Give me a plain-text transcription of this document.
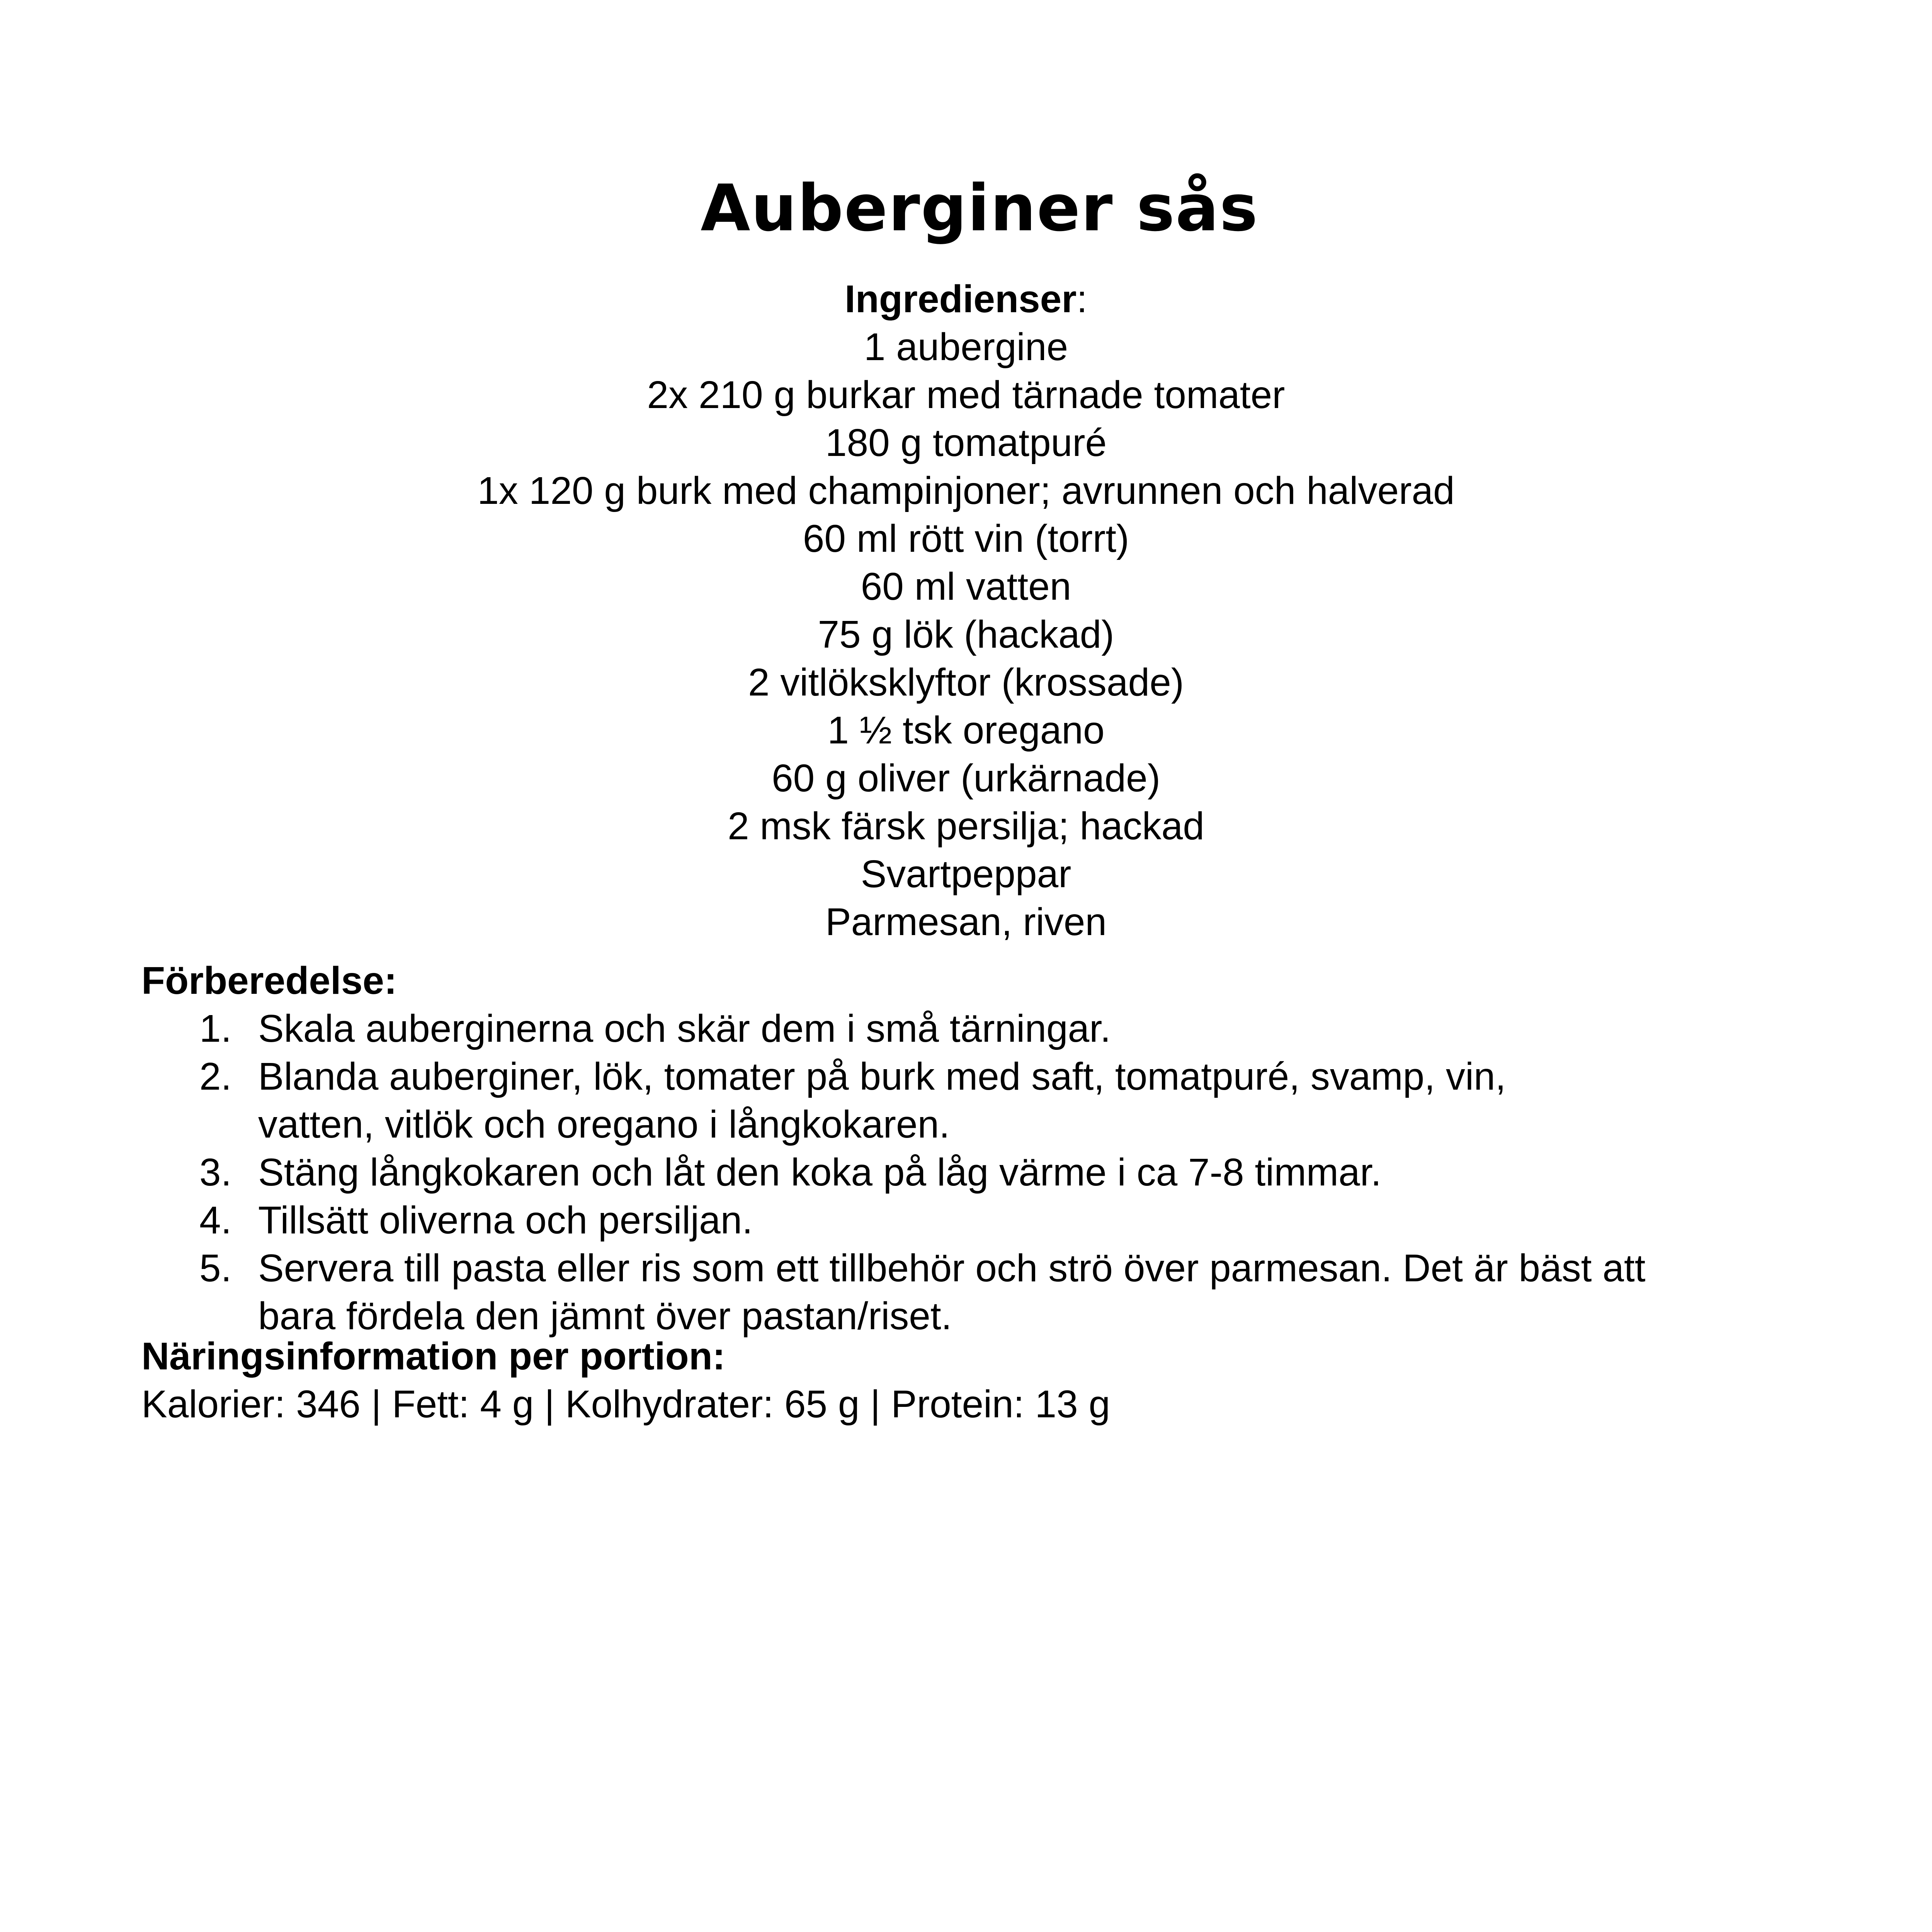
Auberginer sås
Ingredienser:
1 aubergine
2x 210 g burkar med tärnade tomater
180 g tomatpuré
1x 120 g burk med champinjoner; avrunnen och halverad
60 ml rött vin (torrt)
60 ml vatten
75 g lök (hackad)
2 vitlöksklyftor (krossade)
1 ½ tsk oregano
60 g oliver (urkärnade)
2 msk färsk persilja; hackad
Svartpeppar
Parmesan, riven
Förberedelse:
1. Skala auberginerna och skär dem i små tärningar.
2. Blanda auberginer, lök, tomater på burk med saft, tomatpuré, svamp, vin,
vatten, vitlök och oregano i långkokaren.
3. Stäng långkokaren och låt den koka på låg värme i ca 7-8 timmar.
4. Tillsätt oliverna och persiljan.
5. Servera till pasta eller ris som ett tillbehör och strö över parmesan. Det är bäst att
bara fördela den jämnt över pastan/riset.
Näringsinformation per portion:
Kalorier: 346 | Fett: 4 g | Kolhydrater: 65 g | Protein: 13 g
